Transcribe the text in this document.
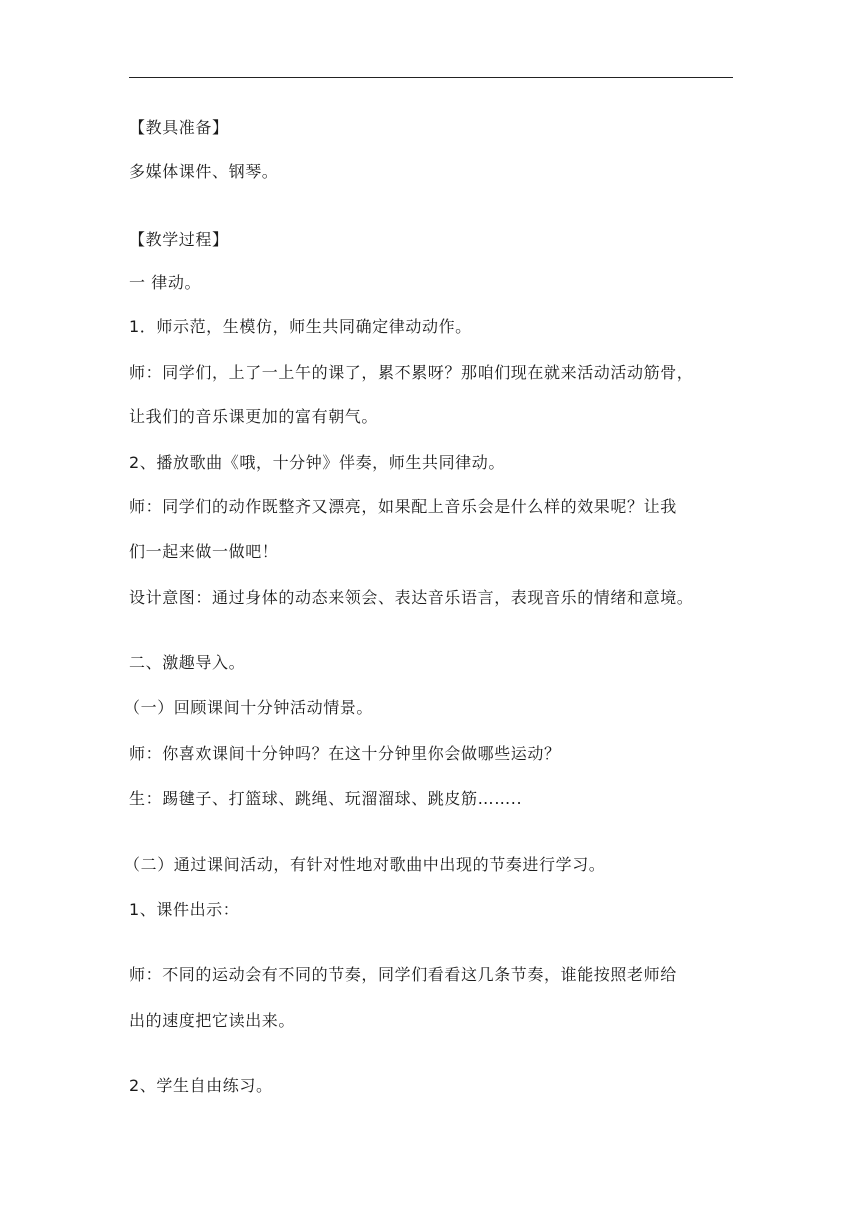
【教具准备】
多媒体课件、钢琴。
【教学过程】
一 律动。
1．师示范，生模仿，师生共同确定律动动作。
师：同学们，上了一上午的课了，累不累呀？那咱们现在就来活动活动筋骨，
让我们的音乐课更加的富有朝气。
2、播放歌曲《哦，十分钟》伴奏，师生共同律动。
师：同学们的动作既整齐又漂亮，如果配上音乐会是什么样的效果呢？让我
们一起来做一做吧！
设计意图：通过身体的动态来领会、表达音乐语言，表现音乐的情绪和意境。
二、激趣导入。
（一）回顾课间十分钟活动情景。
师：你喜欢课间十分钟吗？在这十分钟里你会做哪些运动？
生：踢毽子、打篮球、跳绳、玩溜溜球、跳皮筋……..
（二）通过课间活动，有针对性地对歌曲中出现的节奏进行学习。
1、课件出示：
师：不同的运动会有不同的节奏，同学们看看这几条节奏，谁能按照老师给
出的速度把它读出来。
2、学生自由练习。
